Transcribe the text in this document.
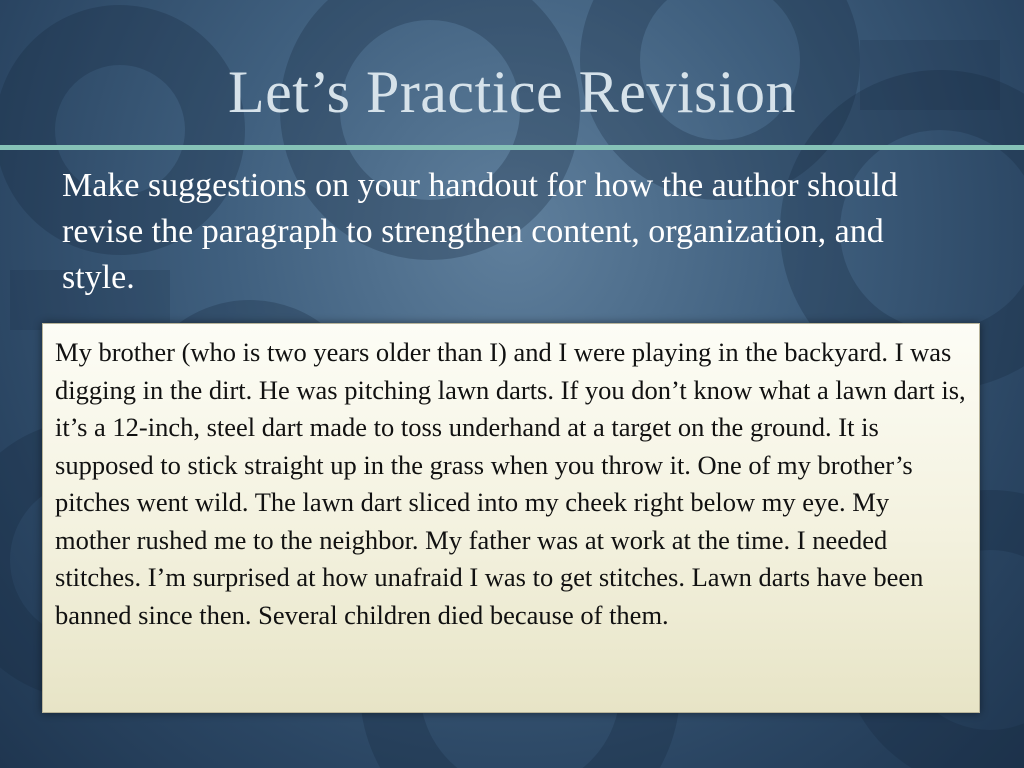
Let’s Practice Revision
Make suggestions on your handout for how the author should revise the paragraph to strengthen content, organization, and style.
My brother (who is two years older than I) and I were playing in the backyard. I was digging in the dirt. He was pitching lawn darts. If you don’t know what a lawn dart is, it’s a 12-inch, steel dart made to toss underhand at a target on the ground. It is supposed to stick straight up in the grass when you throw it. One of my brother’s pitches went wild. The lawn dart sliced into my cheek right below my eye. My mother rushed me to the neighbor. My father was at work at the time. I needed stitches. I’m surprised at how unafraid I was to get stitches. Lawn darts have been banned since then. Several children died because of them.
